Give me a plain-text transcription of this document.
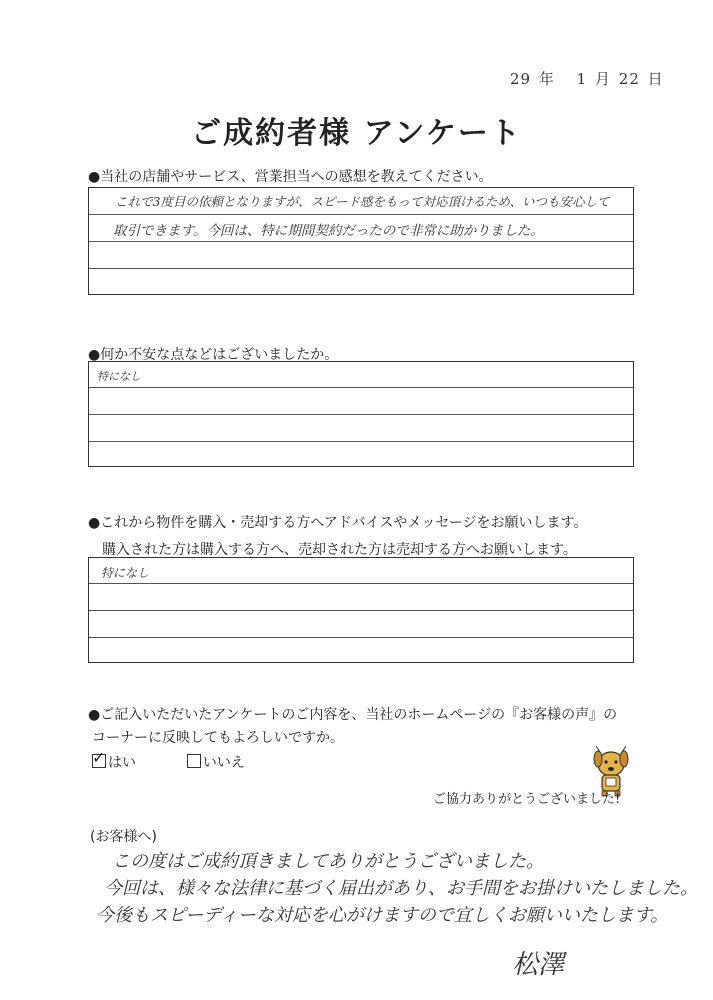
29 年 1 月 22 日
ご成約者様 アンケート
●当社の店舗やサービス、営業担当への感想を教えてください。
これで3度目の依頼となりますが、スピード感をもって対応頂けるため、いつも安心して
取引できます。今回は、特に期間契約だったので非常に助かりました。
●何か不安な点などはございましたか。
特になし
●これから物件を購入・売却する方へアドバイスやメッセージをお願いします。
購入された方は購入する方へ、売却された方は売却する方へお願いします。
特になし
●ご記入いただいたアンケートのご内容を、当社のホームページの『お客様の声』の
コーナーに反映してもよろしいですか。
✓はい	いいえ
ご協力ありがとうございました!
(お客様へ)
この度はご成約頂きましてありがとうございました。
今回は、様々な法律に基づく届出があり、お手間をお掛けいたしました。
今後もスピーディーな対応を心がけますので宜しくお願いいたします。
松澤
